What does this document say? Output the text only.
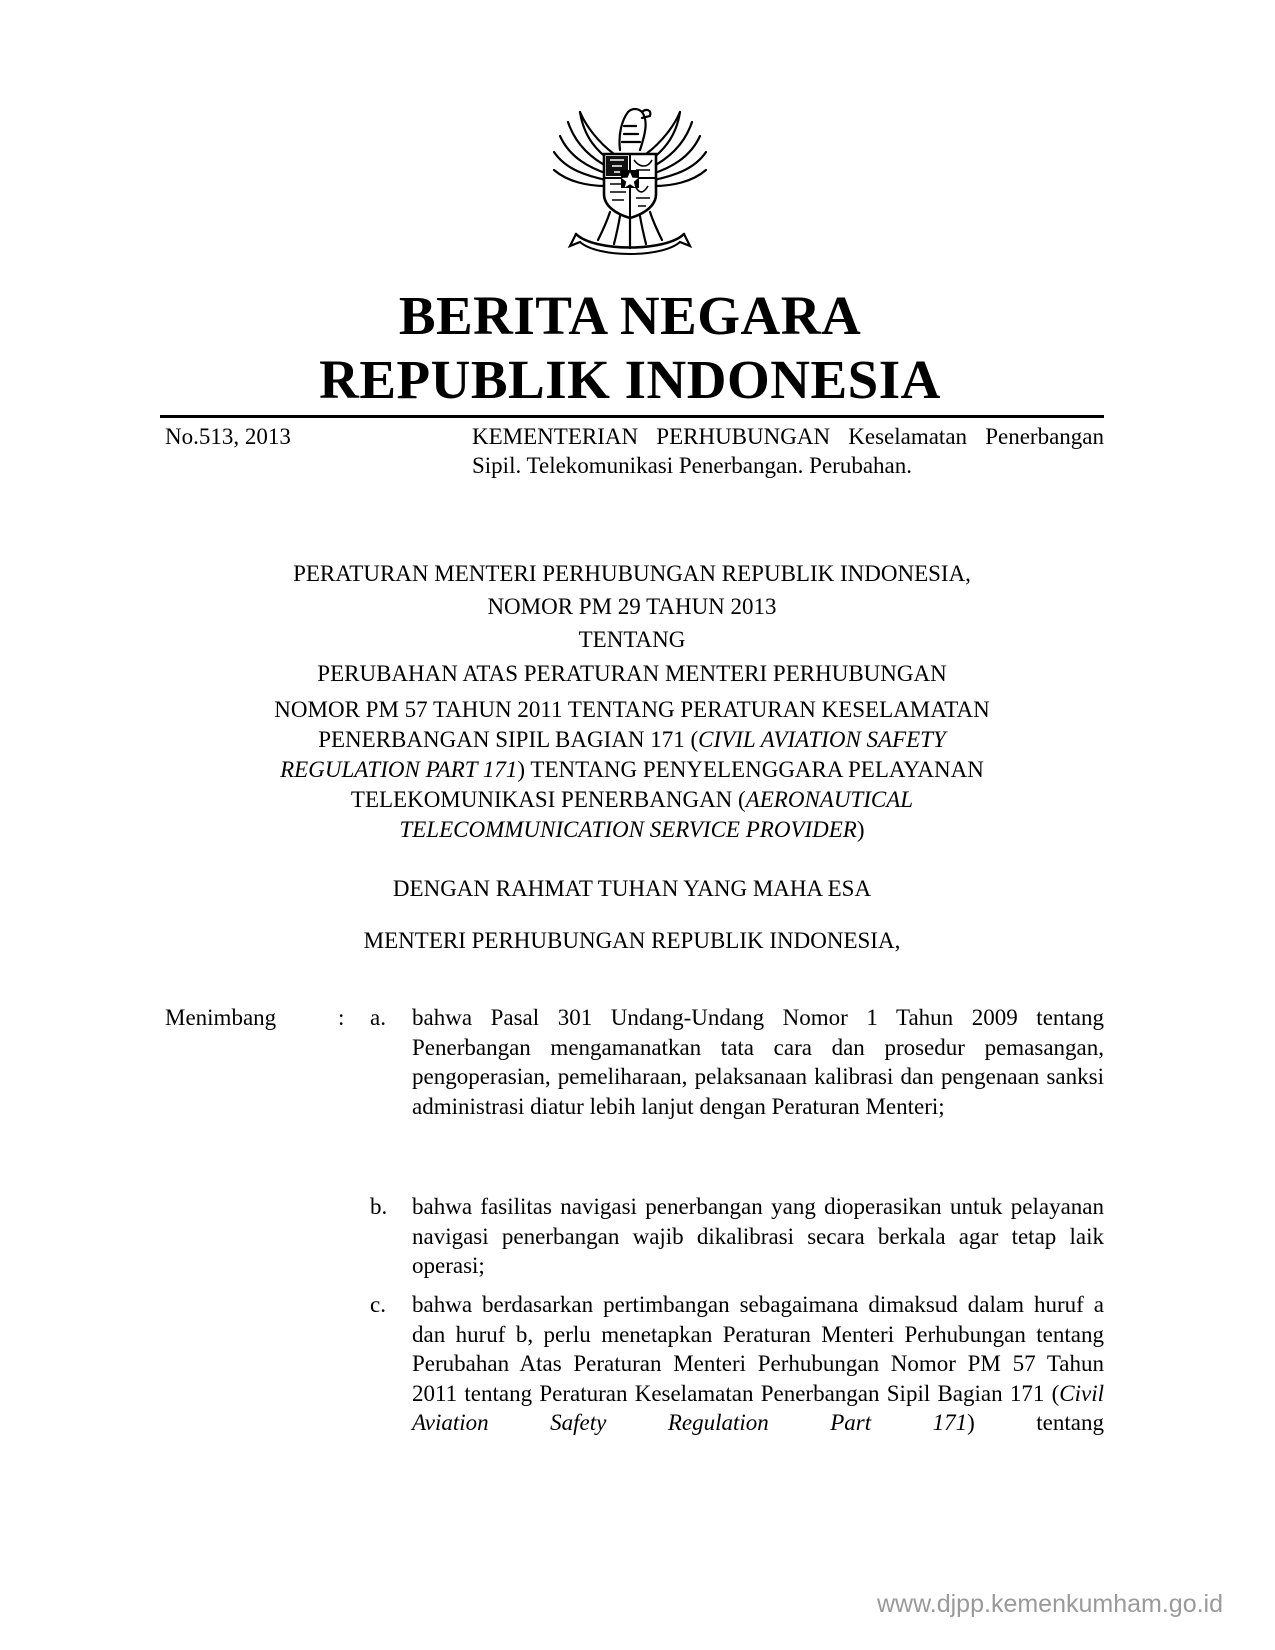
BERITA NEGARA
REPUBLIK INDONESIA
No.513, 2013	KEMENTERIAN PERHUBUNGAN Keselamatan Penerbangan Sipil. Telekomunikasi Penerbangan. Perubahan.
PERATURAN MENTERI PERHUBUNGAN REPUBLIK INDONESIA,
NOMOR PM 29 TAHUN 2013
TENTANG
PERUBAHAN ATAS PERATURAN MENTERI PERHUBUNGAN
NOMOR PM 57 TAHUN 2011 TENTANG PERATURAN KESELAMATAN
PENERBANGAN SIPIL BAGIAN 171 (CIVIL AVIATION SAFETY
REGULATION PART 171) TENTANG PENYELENGGARA PELAYANAN
TELEKOMUNIKASI PENERBANGAN (AERONAUTICAL
TELECOMMUNICATION SERVICE PROVIDER)
DENGAN RAHMAT TUHAN YANG MAHA ESA
MENTERI PERHUBUNGAN REPUBLIK INDONESIA,
Menimbang	: a.	bahwa Pasal 301 Undang-Undang Nomor 1 Tahun 2009 tentang Penerbangan mengamanatkan tata cara dan prosedur pemasangan, pengoperasian, pemeliharaan, pelaksanaan kalibrasi dan pengenaan sanksi administrasi diatur lebih lanjut dengan Peraturan Menteri;
b.	bahwa fasilitas navigasi penerbangan yang dioperasikan untuk pelayanan navigasi penerbangan wajib dikalibrasi secara berkala agar tetap laik operasi;
c.	bahwa berdasarkan pertimbangan sebagaimana dimaksud dalam huruf a dan huruf b, perlu menetapkan Peraturan Menteri Perhubungan tentang Perubahan Atas Peraturan Menteri Perhubungan Nomor PM 57 Tahun 2011 tentang Peraturan Keselamatan Penerbangan Sipil Bagian 171 (Civil Aviation Safety Regulation Part 171) tentang
www.djpp.kemenkumham.go.id
